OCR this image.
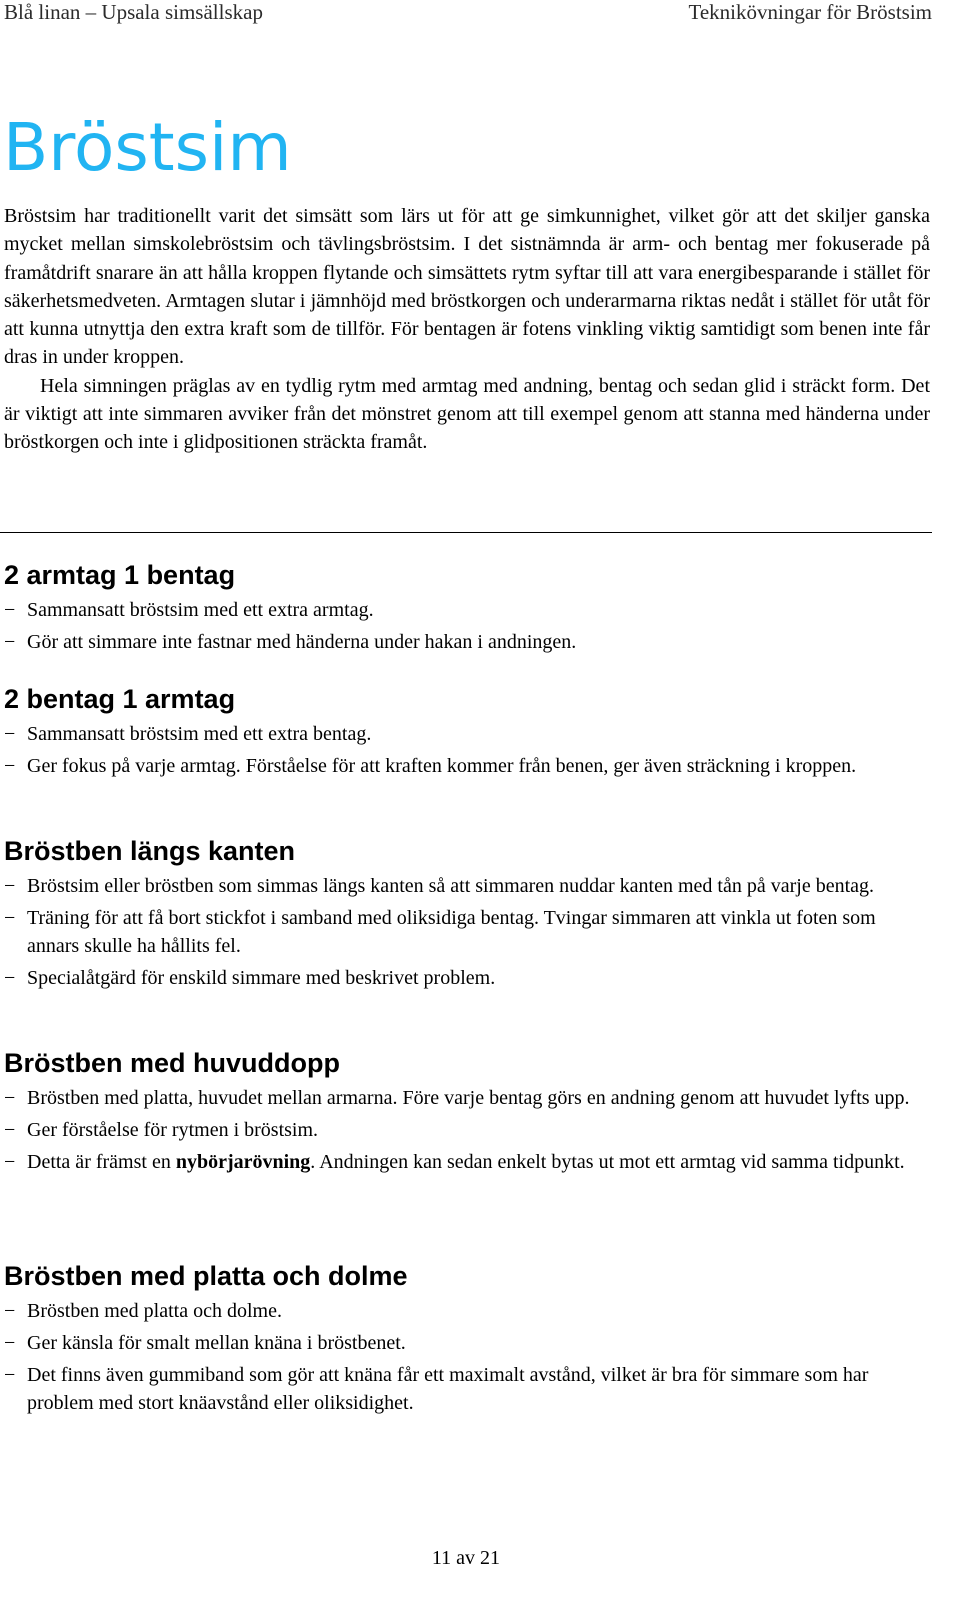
Blå linan – Upsala simsällskap	Teknikövningar för Bröstsim
Bröstsim

Bröstsim har traditionellt varit det simsätt som lärs ut för att ge simkunnighet, vilket gör att det skiljer ganska mycket mellan simskolebröstsim och tävlingsbröstsim. I det sistnämnda är arm- och bentag mer fokuserade på framåtdrift snarare än att hålla kroppen flytande och simsättets rytm syftar till att vara energibesparande i stället för säkerhetsmedveten. Armtagen slutar i jämnhöjd med bröstkorgen och underarmarna riktas nedåt i stället för utåt för att kunna utnyttja den extra kraft som de tillför. För bentagen är fotens vinkling viktig samtidigt som benen inte får dras in under kroppen.

Hela simningen präglas av en tydlig rytm med armtag med andning, bentag och sedan glid i sträckt form. Det är viktigt att inte simmaren avviker från det mönstret genom att till exempel genom att stanna med händerna under bröstkorgen och inte i glidpositionen sträckta framåt.

2 armtag 1 bentag
− Sammansatt bröstsim med ett extra armtag.
− Gör att simmare inte fastnar med händerna under hakan i andningen.
2 bentag 1 armtag
− Sammansatt bröstsim med ett extra bentag.
− Ger fokus på varje armtag. Förståelse för att kraften kommer från benen, ger även sträckning i kroppen.
Bröstben längs kanten
− Bröstsim eller bröstben som simmas längs kanten så att simmaren nuddar kanten med tån på varje bentag.
− Träning för att få bort stickfot i samband med oliksidiga bentag. Tvingar simmaren att vinkla ut foten som annars skulle ha hållits fel.
− Specialåtgärd för enskild simmare med beskrivet problem.
Bröstben med huvuddopp
− Bröstben med platta, huvudet mellan armarna. Före varje bentag görs en andning genom att huvudet lyfts upp.
− Ger förståelse för rytmen i bröstsim.
− Detta är främst en nybörjarövning. Andningen kan sedan enkelt bytas ut mot ett armtag vid samma tidpunkt.
Bröstben med platta och dolme
− Bröstben med platta och dolme.
− Ger känsla för smalt mellan knäna i bröstbenet.
− Det finns även gummiband som gör att knäna får ett maximalt avstånd, vilket är bra för simmare som har problem med stort knäavstånd eller oliksidighet.
11 av 21
